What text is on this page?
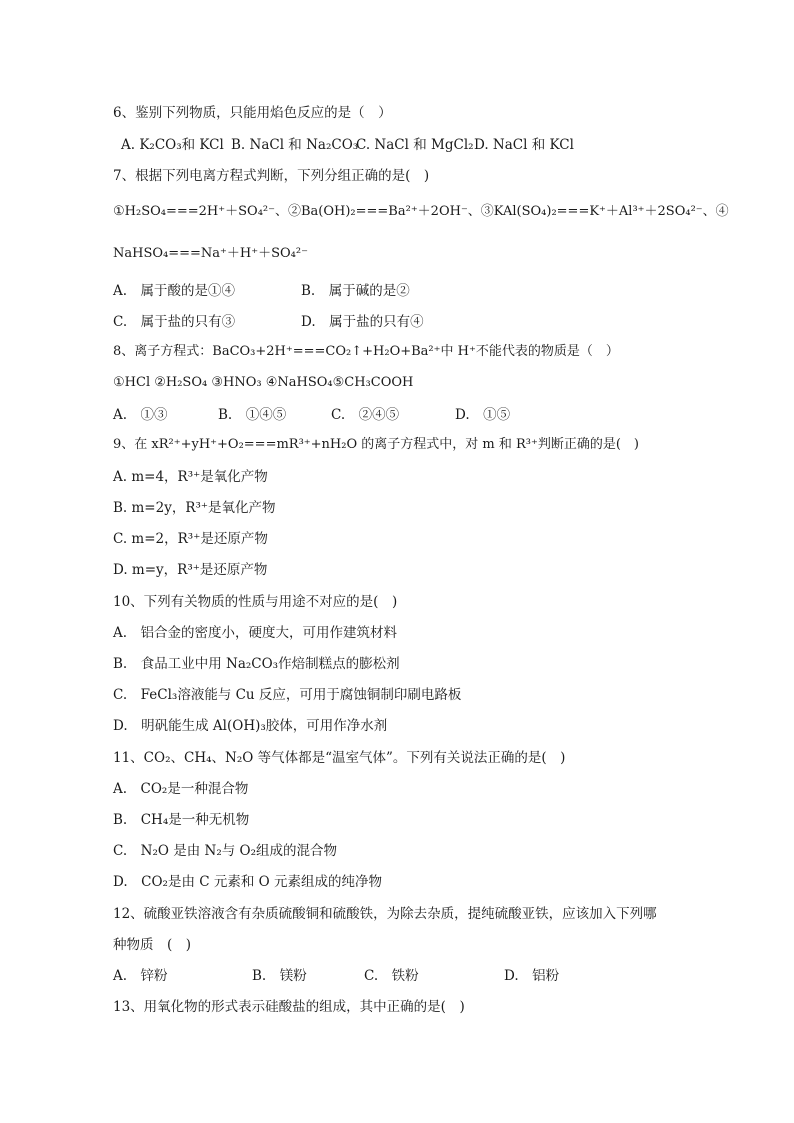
6、鉴别下列物质，只能用焰色反应的是（　）
A. K₂CO₃和 KCl B. NaCl 和 Na₂CO₃
C. NaCl 和 MgCl₂ D. NaCl 和 KCl
7、根据下列电离方程式判断，下列分组正确的是(　)
①H₂SO₄===2H⁺＋SO₄²⁻、②Ba(OH)₂===Ba²⁺＋2OH⁻、③KAl(SO₄)₂===K⁺＋Al³⁺＋2SO₄²⁻、④
NaHSO₄===Na⁺＋H⁺＋SO₄²⁻
A.　属于酸的是①④	B.　属于碱的是②
C.　属于盐的只有③	D.　属于盐的只有④
8、离子方程式：BaCO₃+2H⁺===CO₂↑+H₂O+Ba²⁺中 H⁺不能代表的物质是（　）
①HCl ②H₂SO₄ ③HNO₃ ④NaHSO₄⑤CH₃COOH
A.　①③	B.　①④⑤	C.　②④⑤	D.　①⑤
9、在 xR²⁺+yH⁺+O₂===mR³⁺+nH₂O 的离子方程式中，对 m 和 R³⁺判断正确的是(　)
A. m=4，R³⁺是氧化产物
B. m=2y，R³⁺是氧化产物
C. m=2，R³⁺是还原产物
D. m=y，R³⁺是还原产物
10、下列有关物质的性质与用途不对应的是(　)
A.　铝合金的密度小，硬度大，可用作建筑材料
B.　食品工业中用 Na₂CO₃作焙制糕点的膨松剂
C.　FeCl₃溶液能与 Cu 反应，可用于腐蚀铜制印刷电路板
D.　明矾能生成 Al(OH)₃胶体，可用作净水剂
11、CO₂、CH₄、N₂O 等气体都是“温室气体”。下列有关说法正确的是(　)
A.　CO₂是一种混合物
B.　CH₄是一种无机物
C.　N₂O 是由 N₂与 O₂组成的混合物
D.　CO₂是由 C 元素和 O 元素组成的纯净物
12、硫酸亚铁溶液含有杂质硫酸铜和硫酸铁，为除去杂质，提纯硫酸亚铁，应该加入下列哪
种物质　(　)
A.　锌粉	B.　镁粉	C.　铁粉	D.　铝粉
13、用氧化物的形式表示硅酸盐的组成，其中正确的是(　)
